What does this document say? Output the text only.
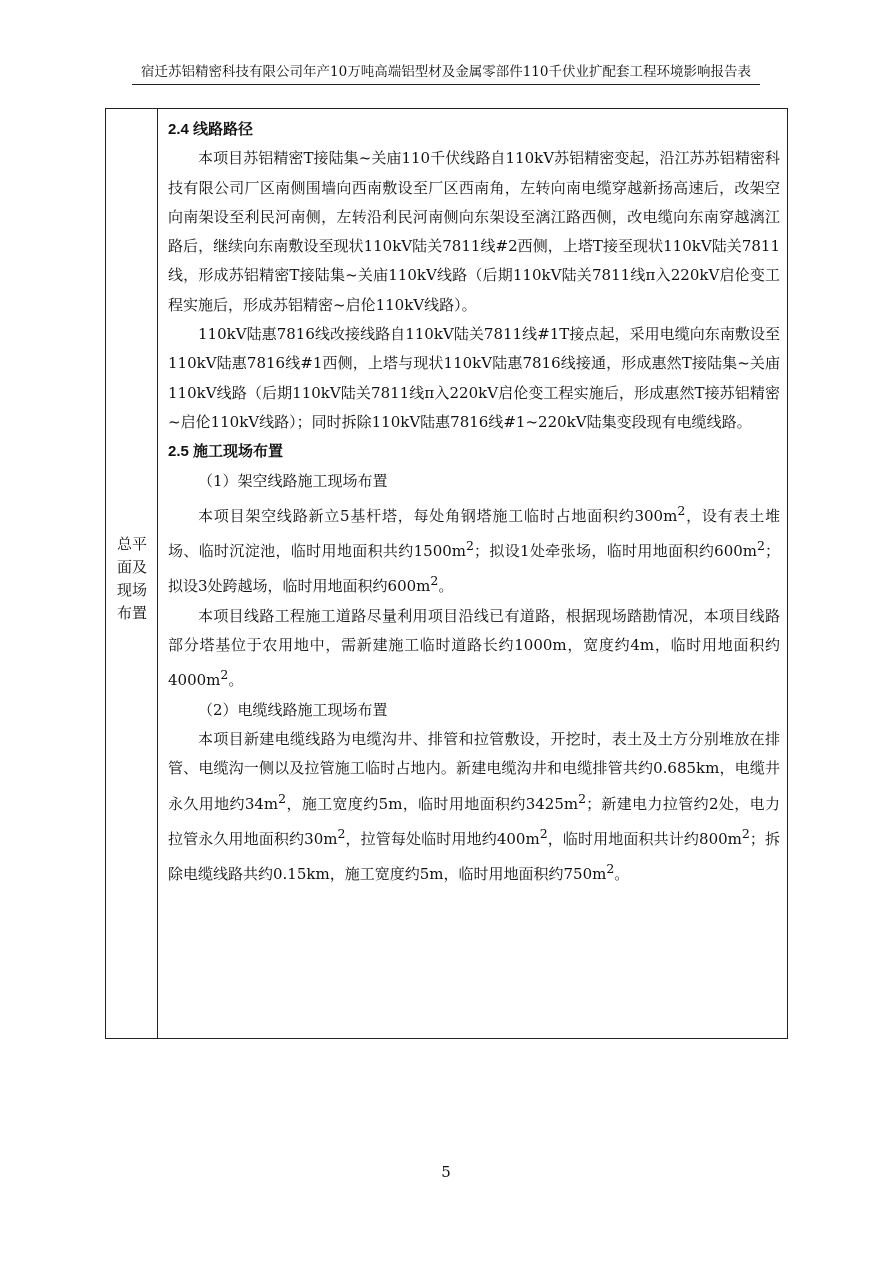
宿迁苏铝精密科技有限公司年产10万吨高端铝型材及金属零部件110千伏业扩配套工程环境影响报告表
总平
面及
现场
布置

2.4 线路路径

本项目苏铝精密T接陆集~关庙110千伏线路自110kV苏铝精密变起，沿江苏苏铝精密科技有限公司厂区南侧围墙向西南敷设至厂区西南角，左转向南电缆穿越新扬高速后，改架空向南架设至利民河南侧，左转沿利民河南侧向东架设至漓江路西侧，改电缆向东南穿越漓江路后，继续向东南敷设至现状110kV陆关7811线#2西侧，上塔T接至现状110kV陆关7811线，形成苏铝精密T接陆集~关庙110kV线路（后期110kV陆关7811线π入220kV启伦变工程实施后，形成苏铝精密~启伦110kV线路）。

110kV陆惠7816线改接线路自110kV陆关7811线#1T接点起，采用电缆向东南敷设至110kV陆惠7816线#1西侧，上塔与现状110kV陆惠7816线接通，形成惠然T接陆集~关庙110kV线路（后期110kV陆关7811线π入220kV启伦变工程实施后，形成惠然T接苏铝精密~启伦110kV线路）；同时拆除110kV陆惠7816线#1~220kV陆集变段现有电缆线路。

2.5 施工现场布置

（1）架空线路施工现场布置

本项目架空线路新立5基杆塔，每处角钢塔施工临时占地面积约$300m^2$，设有表土堆场、临时沉淀池，临时用地面积共约$1500m^2$；拟设1处牵张场，临时用地面积约$600m^2$；拟设3处跨越场，临时用地面积约$600m^2$。

本项目线路工程施工道路尽量利用项目沿线已有道路，根据现场踏勘情况，本项目线路部分塔基位于农用地中，需新建施工临时道路长约1000m，宽度约4m，临时用地面积约$4000m^2$。

（2）电缆线路施工现场布置

本项目新建电缆线路为电缆沟井、排管和拉管敷设，开挖时，表土及土方分别堆放在排管、电缆沟一侧以及拉管施工临时占地内。新建电缆沟井和电缆排管共约0.685km，电缆井永久用地约$34m^2$，施工宽度约5m，临时用地面积约$3425m^2$；新建电力拉管约2处，电力拉管永久用地面积约$30m^2$，拉管每处临时用地约$400m^2$，临时用地面积共计约$800m^2$；拆除电缆线路共约0.15km，施工宽度约5m，临时用地面积约$750m^2$。

5
